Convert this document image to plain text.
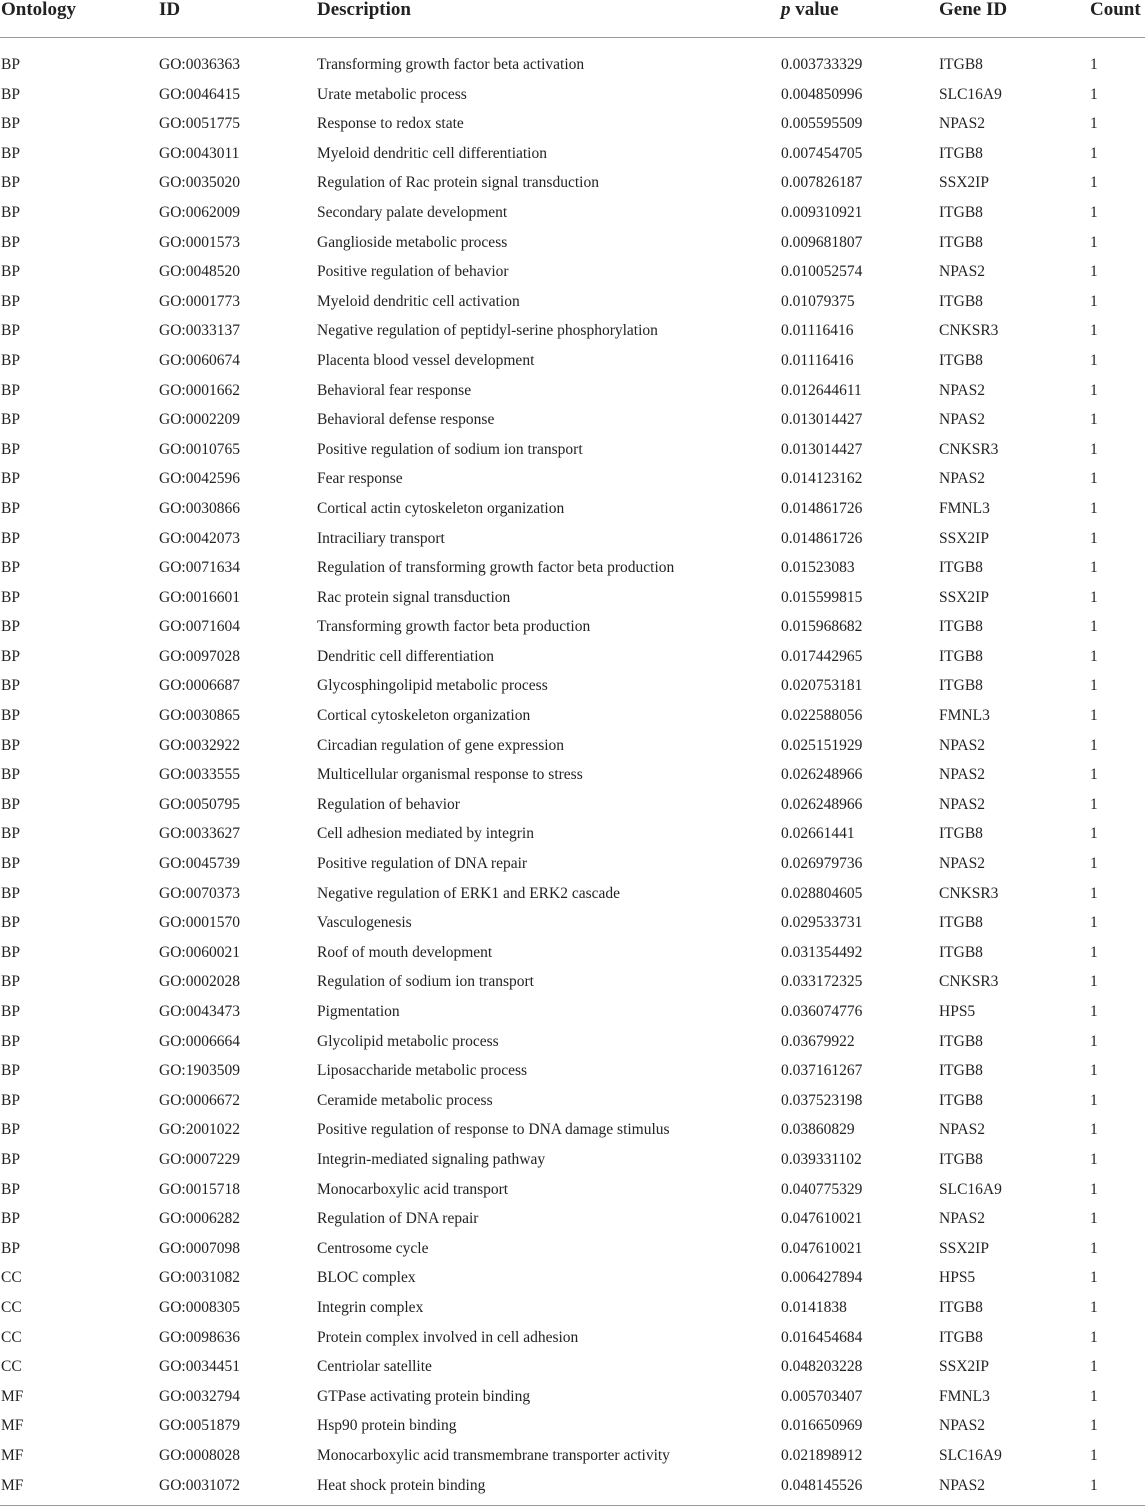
Ontology	ID	Description	p value	Gene ID	Count
BP	GO:0036363	Transforming growth factor beta activation	0.003733329	ITGB8	1
BP	GO:0046415	Urate metabolic process	0.004850996	SLC16A9	1
BP	GO:0051775	Response to redox state	0.005595509	NPAS2	1
BP	GO:0043011	Myeloid dendritic cell differentiation	0.007454705	ITGB8	1
BP	GO:0035020	Regulation of Rac protein signal transduction	0.007826187	SSX2IP	1
BP	GO:0062009	Secondary palate development	0.009310921	ITGB8	1
BP	GO:0001573	Ganglioside metabolic process	0.009681807	ITGB8	1
BP	GO:0048520	Positive regulation of behavior	0.010052574	NPAS2	1
BP	GO:0001773	Myeloid dendritic cell activation	0.01079375	ITGB8	1
BP	GO:0033137	Negative regulation of peptidyl-serine phosphorylation	0.01116416	CNKSR3	1
BP	GO:0060674	Placenta blood vessel development	0.01116416	ITGB8	1
BP	GO:0001662	Behavioral fear response	0.012644611	NPAS2	1
BP	GO:0002209	Behavioral defense response	0.013014427	NPAS2	1
BP	GO:0010765	Positive regulation of sodium ion transport	0.013014427	CNKSR3	1
BP	GO:0042596	Fear response	0.014123162	NPAS2	1
BP	GO:0030866	Cortical actin cytoskeleton organization	0.014861726	FMNL3	1
BP	GO:0042073	Intraciliary transport	0.014861726	SSX2IP	1
BP	GO:0071634	Regulation of transforming growth factor beta production	0.01523083	ITGB8	1
BP	GO:0016601	Rac protein signal transduction	0.015599815	SSX2IP	1
BP	GO:0071604	Transforming growth factor beta production	0.015968682	ITGB8	1
BP	GO:0097028	Dendritic cell differentiation	0.017442965	ITGB8	1
BP	GO:0006687	Glycosphingolipid metabolic process	0.020753181	ITGB8	1
BP	GO:0030865	Cortical cytoskeleton organization	0.022588056	FMNL3	1
BP	GO:0032922	Circadian regulation of gene expression	0.025151929	NPAS2	1
BP	GO:0033555	Multicellular organismal response to stress	0.026248966	NPAS2	1
BP	GO:0050795	Regulation of behavior	0.026248966	NPAS2	1
BP	GO:0033627	Cell adhesion mediated by integrin	0.02661441	ITGB8	1
BP	GO:0045739	Positive regulation of DNA repair	0.026979736	NPAS2	1
BP	GO:0070373	Negative regulation of ERK1 and ERK2 cascade	0.028804605	CNKSR3	1
BP	GO:0001570	Vasculogenesis	0.029533731	ITGB8	1
BP	GO:0060021	Roof of mouth development	0.031354492	ITGB8	1
BP	GO:0002028	Regulation of sodium ion transport	0.033172325	CNKSR3	1
BP	GO:0043473	Pigmentation	0.036074776	HPS5	1
BP	GO:0006664	Glycolipid metabolic process	0.03679922	ITGB8	1
BP	GO:1903509	Liposaccharide metabolic process	0.037161267	ITGB8	1
BP	GO:0006672	Ceramide metabolic process	0.037523198	ITGB8	1
BP	GO:2001022	Positive regulation of response to DNA damage stimulus	0.03860829	NPAS2	1
BP	GO:0007229	Integrin-mediated signaling pathway	0.039331102	ITGB8	1
BP	GO:0015718	Monocarboxylic acid transport	0.040775329	SLC16A9	1
BP	GO:0006282	Regulation of DNA repair	0.047610021	NPAS2	1
BP	GO:0007098	Centrosome cycle	0.047610021	SSX2IP	1
CC	GO:0031082	BLOC complex	0.006427894	HPS5	1
CC	GO:0008305	Integrin complex	0.0141838	ITGB8	1
CC	GO:0098636	Protein complex involved in cell adhesion	0.016454684	ITGB8	1
CC	GO:0034451	Centriolar satellite	0.048203228	SSX2IP	1
MF	GO:0032794	GTPase activating protein binding	0.005703407	FMNL3	1
MF	GO:0051879	Hsp90 protein binding	0.016650969	NPAS2	1
MF	GO:0008028	Monocarboxylic acid transmembrane transporter activity	0.021898912	SLC16A9	1
MF	GO:0031072	Heat shock protein binding	0.048145526	NPAS2	1
